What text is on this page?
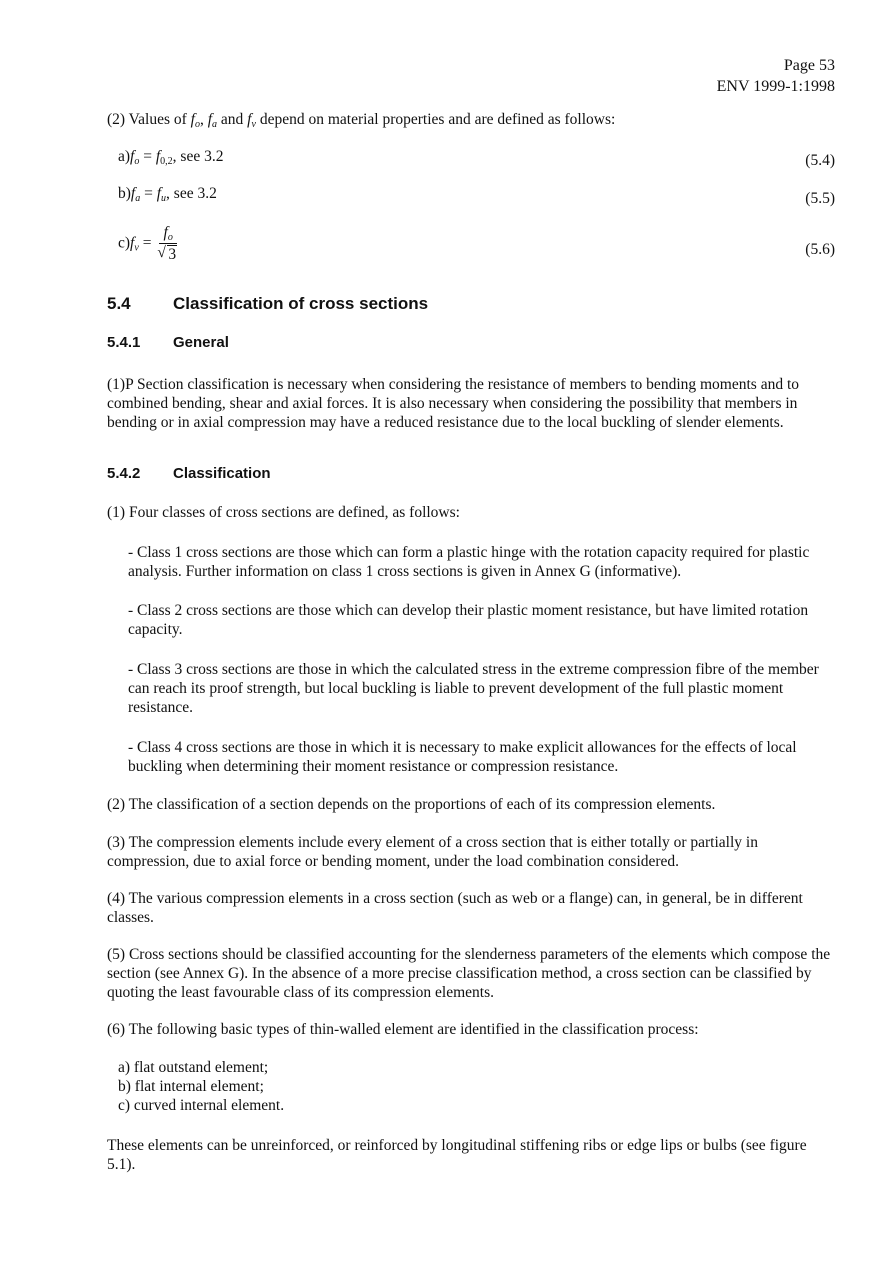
Page 53
ENV 1999-1:1998
(2) Values of $f_o$, $f_a$ and $f_v$ depend on material properties and are defined as follows:
$a)f_o = f_{0,2}$, see 3.2	(5.4)
$b)f_a = f_u$, see 3.2	(5.5)
$c)f_v = f_o$
√ 3	(5.6)
5.4 Classification of cross sections
5.4.1 General
(1)P Section classification is necessary when considering the resistance of members to bending moments and to combined bending, shear and axial forces. It is also necessary when considering the possibility that members in bending or in axial compression may have a reduced resistance due to the local buckling of slender elements.
5.4.2 Classification
(1) Four classes of cross sections are defined, as follows:
- Class 1 cross sections are those which can form a plastic hinge with the rotation capacity required for plastic analysis. Further information on class 1 cross sections is given in Annex G (informative).
- Class 2 cross sections are those which can develop their plastic moment resistance, but have limited rotation capacity.
- Class 3 cross sections are those in which the calculated stress in the extreme compression fibre of the member can reach its proof strength, but local buckling is liable to prevent development of the full plastic moment resistance.
- Class 4 cross sections are those in which it is necessary to make explicit allowances for the effects of local buckling when determining their moment resistance or compression resistance.
(2) The classification of a section depends on the proportions of each of its compression elements.
(3) The compression elements include every element of a cross section that is either totally or partially in compression, due to axial force or bending moment, under the load combination considered.
(4) The various compression elements in a cross section (such as web or a flange) can, in general, be in different classes.
(5) Cross sections should be classified accounting for the slenderness parameters of the elements which compose the section (see Annex G). In the absence of a more precise classification method, a cross section can be classified by quoting the least favourable class of its compression elements.
(6) The following basic types of thin-walled element are identified in the classification process:
a) flat outstand element;
b) flat internal element;
c) curved internal element.
These elements can be unreinforced, or reinforced by longitudinal stiffening ribs or edge lips or bulbs (see figure 5.1).
